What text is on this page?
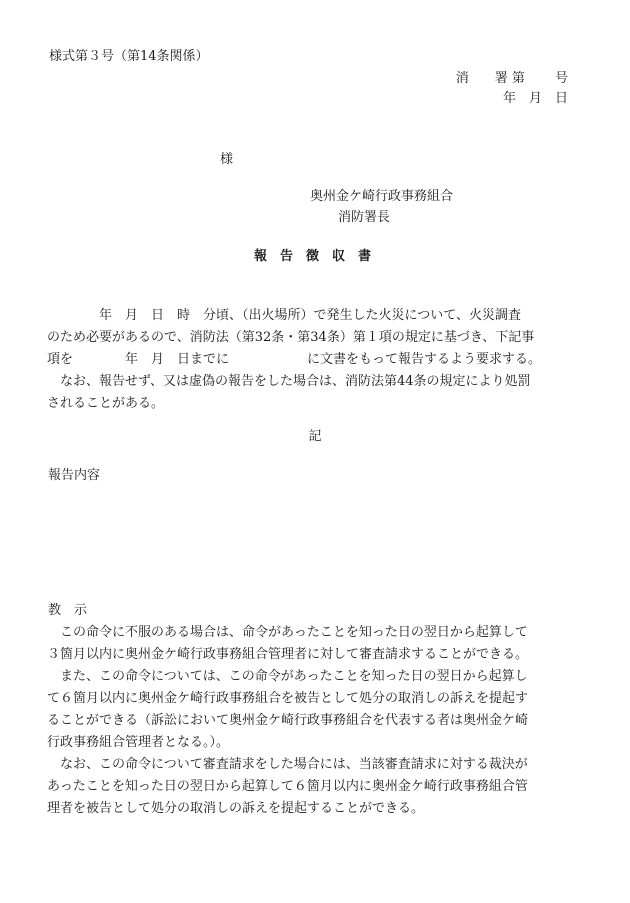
様式第３号（第14条関係）
消　　署 第　　 号
年　月　日
様
奥州金ケ崎行政事務組合
消防署長
報告徴収書
　　　　年　月　日　時　分頃、（出火場所）で発生した火災について、火災調査
のため必要があるので、消防法（第32条・第34条）第１項の規定に基づき、下記事
項を　　　　年　月　日までに　　　　　　に文書をもって報告するよう要求する。
　なお、報告せず、又は虚偽の報告をした場合は、消防法第44条の規定により処罰
されることがある。
記
報告内容
教　示
　この命令に不服のある場合は、命令があったことを知った日の翌日から起算して
３箇月以内に奥州金ケ崎行政事務組合管理者に対して審査請求することができる。
　また、この命令については、この命令があったことを知った日の翌日から起算し
て６箇月以内に奥州金ケ崎行政事務組合を被告として処分の取消しの訴えを提起す
ることができる（訴訟において奥州金ケ崎行政事務組合を代表する者は奥州金ケ崎
行政事務組合管理者となる。）。
　なお、この命令について審査請求をした場合には、当該審査請求に対する裁決が
あったことを知った日の翌日から起算して６箇月以内に奥州金ケ崎行政事務組合管
理者を被告として処分の取消しの訴えを提起することができる。
